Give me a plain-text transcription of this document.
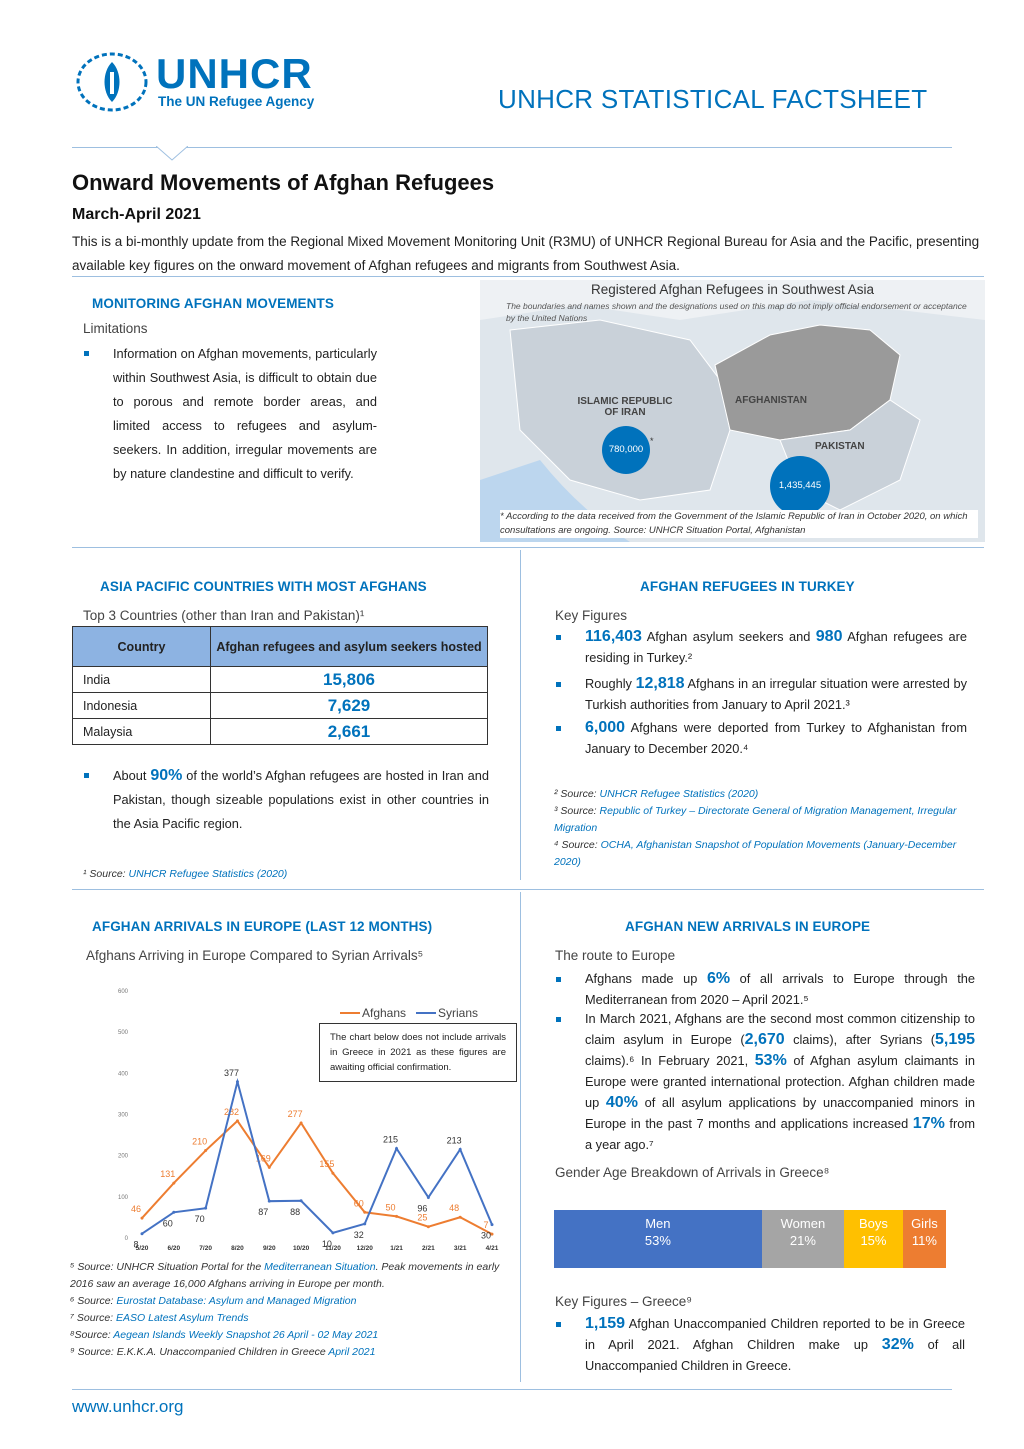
UNHCR
The UN Refugee Agency	UNHCR STATISTICAL FACTSHEET
Onward Movements of Afghan Refugees
March-April 2021
This is a bi-monthly update from the Regional Mixed Movement Monitoring Unit (R3MU) of UNHCR Regional Bureau for Asia and the Pacific, presenting available key figures on the onward movement of Afghan refugees and migrants from Southwest Asia.
MONITORING AFGHAN MOVEMENTS
Limitations
Information on Afghan movements, particularly within Southwest Asia, is difficult to obtain due to porous and remote border areas, and limited access to refugees and asylum-seekers. In addition, irregular movements are by nature clandestine and difficult to verify.
Registered Afghan Refugees in Southwest Asia
The boundaries and names shown and the designations used on this map do not imply official endorsement or acceptance by the United Nations
ISLAMIC REPUBLIC OF IRAN
AFGHANISTAN
PAKISTAN
780,000
*
1,435,445
* According to the data received from the Government of the Islamic Republic of Iran in October 2020, on which consultations are ongoing. Source: UNHCR Situation Portal, Afghanistan
ASIA PACIFIC COUNTRIES WITH MOST AFGHANS
Top 3 Countries (other than Iran and Pakistan)¹
Country	Afghan refugees and asylum seekers hosted
India	15,806
Indonesia	7,629
Malaysia	2,661
About 90% of the world’s Afghan refugees are hosted in Iran and Pakistan, though sizeable populations exist in other countries in the Asia Pacific region.
¹ Source: UNHCR Refugee Statistics (2020)
AFGHAN REFUGEES IN TURKEY
Key Figures
116,403 Afghan asylum seekers and 980 Afghan refugees are residing in Turkey.²
Roughly 12,818 Afghans in an irregular situation were arrested by Turkish authorities from January to April 2021.³
6,000 Afghans were deported from Turkey to Afghanistan from January to December 2020.⁴
² Source: UNHCR Refugee Statistics (2020)
³ Source: Republic of Turkey – Directorate General of Migration Management, Irregular Migration
⁴ Source: OCHA, Afghanistan Snapshot of Population Movements (January-December 2020)
AFGHAN ARRIVALS IN EUROPE (LAST 12 MONTHS)
Afghans Arriving in Europe Compared to Syrian Arrivals⁵
0
100
200
300
400
500
600
5/20	6/20	7/20	8/20	9/20	10/20 11/20 12/20	1/21	2/21	3/21	4/21
46
131
210
282
169
277
155
60 50
25
48
7
8
60 70
377
87 88
10
32
215
96
213
30
Afghans	Syrians
The chart below does not include arrivals in Greece in 2021 as these figures are awaiting official confirmation.
⁵ Source: UNHCR Situation Portal for the Mediterranean Situation. Peak movements in early 2016 saw an average 16,000 Afghans arriving in Europe per month.
⁶ Source: Eurostat Database: Asylum and Managed Migration
⁷ Source: EASO Latest Asylum Trends
⁸Source: Aegean Islands Weekly Snapshot 26 April - 02 May 2021
⁹ Source: E.K.K.A. Unaccompanied Children in Greece April 2021
AFGHAN NEW ARRIVALS IN EUROPE
The route to Europe
Afghans made up 6% of all arrivals to Europe through the Mediterranean from 2020 – April 2021.⁵
In March 2021, Afghans are the second most common citizenship to claim asylum in Europe (2,670 claims), after Syrians (5,195 claims).⁶ In February 2021, 53% of Afghan asylum claimants in Europe were granted international protection. Afghan children made up 40% of all asylum applications by unaccompanied minors in Europe in the past 7 months and applications increased 17% from a year ago.⁷
Gender Age Breakdown of Arrivals in Greece⁸
Men
53%
Women
21%
Boys
15%
Girls
11%
Key Figures – Greece⁹
1,159 Afghan Unaccompanied Children reported to be in Greece in April 2021. Afghan Children make up 32% of all Unaccompanied Children in Greece.
www.unhcr.org
